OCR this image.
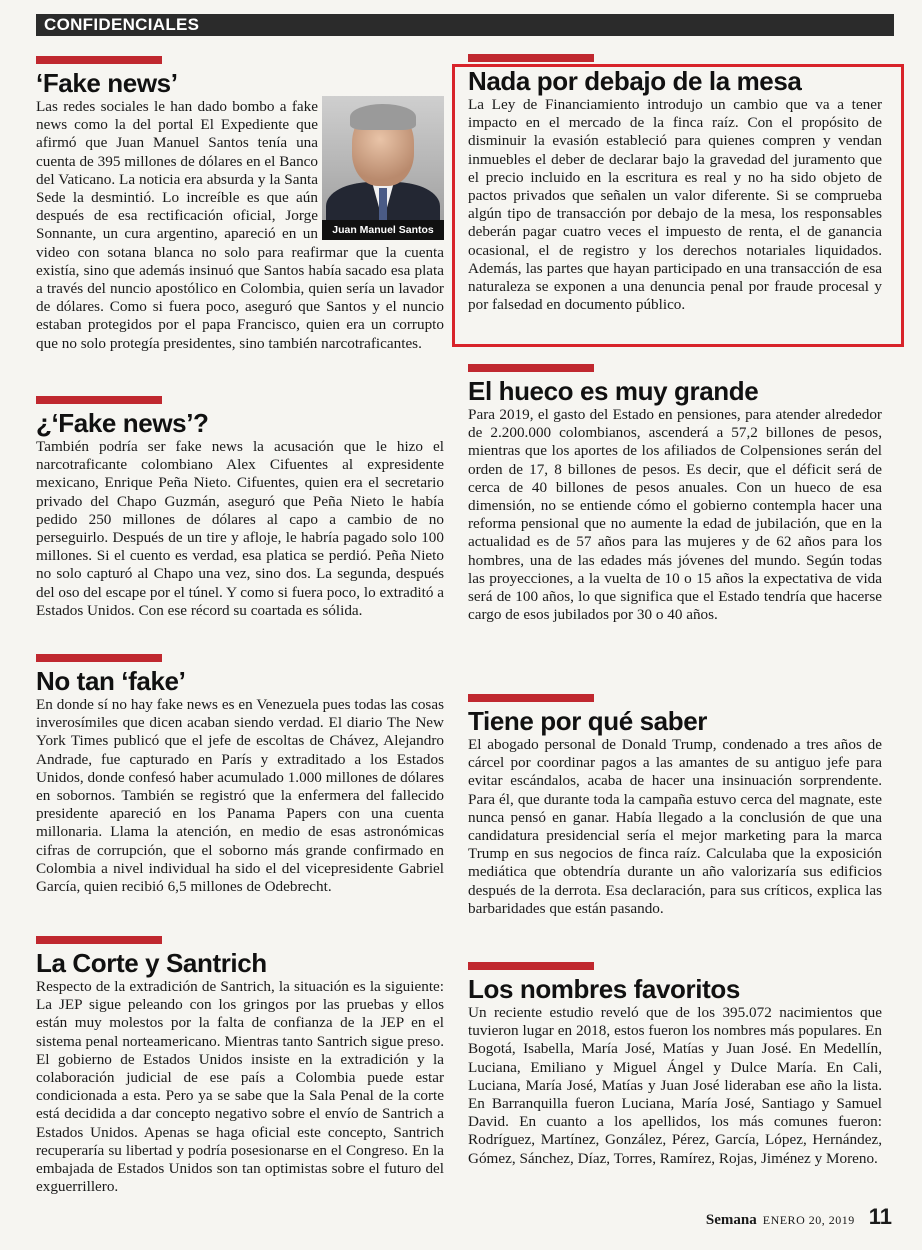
CONFIDENCIALES
‘Fake news’

Las redes sociales le han dado bombo a fake news como la del portal El Expediente que afirmó que Juan Manuel Santos tenía una cuenta de 395 millones de dólares en el Banco del Vaticano. La noticia era absurda y la Santa Sede la desmintió. Lo increíble es que aún después de esa rectificación oficial, Jorge Sonnante, un cura argentino, apareció en un video con sotana blanca no solo para reafirmar que la cuenta existía, sino que además insinuó que Santos había sacado esa plata a través del nuncio apostólico en Colombia, quien sería un lavador de dólares. Como si fuera poco, aseguró que Santos y el nuncio estaban protegidos por el papa Francisco, quien era un corrupto que no solo protegía presidentes, sino también narcotraficantes.

Juan Manuel Santos
¿‘Fake news’?

También podría ser fake news la acusación que le hizo el narcotraficante colombiano Alex Cifuentes al expresidente mexicano, Enrique Peña Nieto. Cifuentes, quien era el secretario privado del Chapo Guzmán, aseguró que Peña Nieto le había pedido 250 millones de dólares al capo a cambio de no perseguirlo. Después de un tire y afloje, le habría pagado solo 100 millones. Si el cuento es verdad, esa platica se perdió. Peña Nieto no solo capturó al Chapo una vez, sino dos. La segunda, después del oso del escape por el túnel. Y como si fuera poco, lo extraditó a Estados Unidos. Con ese récord su coartada es sólida.

No tan ‘fake’

En donde sí no hay fake news es en Venezuela pues todas las cosas inverosímiles que dicen acaban siendo verdad. El diario The New York Times publicó que el jefe de escoltas de Chávez, Alejandro Andrade, fue capturado en París y extraditado a los Estados Unidos, donde confesó haber acumulado 1.000 millones de dólares en sobornos. También se registró que la enfermera del fallecido presidente apareció en los Panama Papers con una cuenta millonaria. Llama la atención, en medio de esas astronómicas cifras de corrupción, que el soborno más grande confirmado en Colombia a nivel individual ha sido el del vicepresidente Gabriel García, quien recibió 6,5 millones de Odebrecht.

La Corte y Santrich

Respecto de la extradición de Santrich, la situación es la siguiente: La JEP sigue peleando con los gringos por las pruebas y ellos están muy molestos por la falta de confianza de la JEP en el sistema penal norteamericano. Mientras tanto Santrich sigue preso. El gobierno de Estados Unidos insiste en la extradición y la colaboración judicial de ese país a Colombia puede estar condicionada a esta. Pero ya se sabe que la Sala Penal de la corte está decidida a dar concepto negativo sobre el envío de Santrich a Estados Unidos. Apenas se haga oficial este concepto, Santrich recuperaría su libertad y podría posesionarse en el Congreso. En la embajada de Estados Unidos son tan optimistas sobre el futuro del exguerrillero.

Nada por debajo de la mesa

La Ley de Financiamiento introdujo un cambio que va a tener impacto en el mercado de la finca raíz. Con el propósito de disminuir la evasión estableció para quienes compren y vendan inmuebles el deber de declarar bajo la gravedad del juramento que el precio incluido en la escritura es real y no ha sido objeto de pactos privados que señalen un valor diferente. Si se comprueba algún tipo de transacción por debajo de la mesa, los responsables deberán pagar cuatro veces el impuesto de renta, el de ganancia ocasional, el de registro y los derechos notariales liquidados. Además, las partes que hayan participado en una transacción de esa naturaleza se exponen a una denuncia penal por fraude procesal y por falsedad en documento público.

El hueco es muy grande

Para 2019, el gasto del Estado en pensiones, para atender alrededor de 2.200.000 colombianos, ascenderá a 57,2 billones de pesos, mientras que los aportes de los afiliados de Colpensiones serán del orden de 17, 8 billones de pesos. Es decir, que el déficit será de cerca de 40 billones de pesos anuales. Con un hueco de esa dimensión, no se entiende cómo el gobierno contempla hacer una reforma pensional que no aumente la edad de jubilación, que en la actualidad es de 57 años para las mujeres y de 62 años para los hombres, una de las edades más jóvenes del mundo. Según todas las proyecciones, a la vuelta de 10 o 15 años la expectativa de vida será de 100 años, lo que significa que el Estado tendría que hacerse cargo de esos jubilados por 30 o 40 años.

Tiene por qué saber

El abogado personal de Donald Trump, condenado a tres años de cárcel por coordinar pagos a las amantes de su antiguo jefe para evitar escándalos, acaba de hacer una insinuación sorprendente. Para él, que durante toda la campaña estuvo cerca del magnate, este nunca pensó en ganar. Había llegado a la conclusión de que una candidatura presidencial sería el mejor marketing para la marca Trump en sus negocios de finca raíz. Calculaba que la exposición mediática que obtendría durante un año valorizaría sus edificios después de la derrota. Esa declaración, para sus críticos, explica las barbaridades que están pasando.

Los nombres favoritos

Un reciente estudio reveló que de los 395.072 nacimientos que tuvieron lugar en 2018, estos fueron los nombres más populares. En Bogotá, Isabella, María José, Matías y Juan José. En Medellín, Luciana, Emiliano y Miguel Ángel y Dulce María. En Cali, Luciana, María José, Matías y Juan José lideraban ese año la lista. En Barranquilla fueron Luciana, María José, Santiago y Samuel David. En cuanto a los apellidos, los más comunes fueron: Rodríguez, Martínez, González, Pérez, García, López, Hernández, Gómez, Sánchez, Díaz, Torres, Ramírez, Rojas, Jiménez y Moreno.

Semana ENERO 20, 2019 11
